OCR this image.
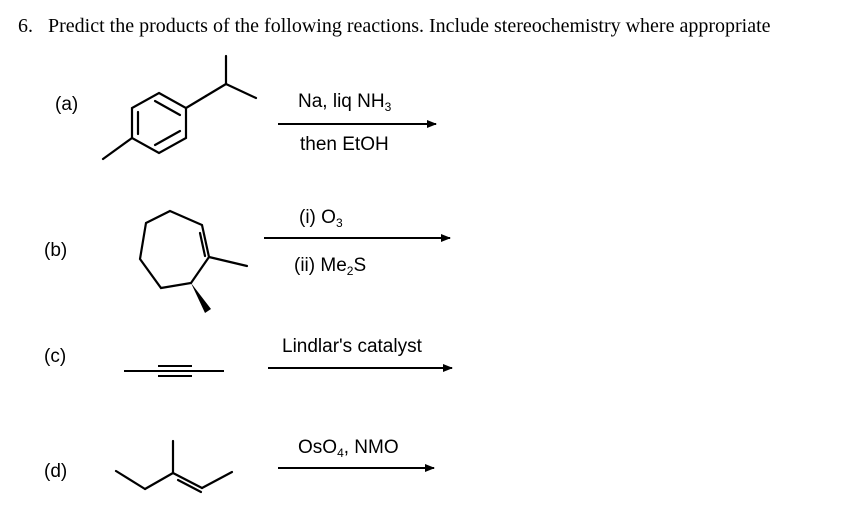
6. Predict the products of the following reactions. Include stereochemistry where appropriate
(a)
(b)
(c)
(d)
Na, liq $NH_3$
then EtOH
(i) $O_3$
(ii) $Me_2S$
Lindlar's catalyst
OsO$_4$, NMO
